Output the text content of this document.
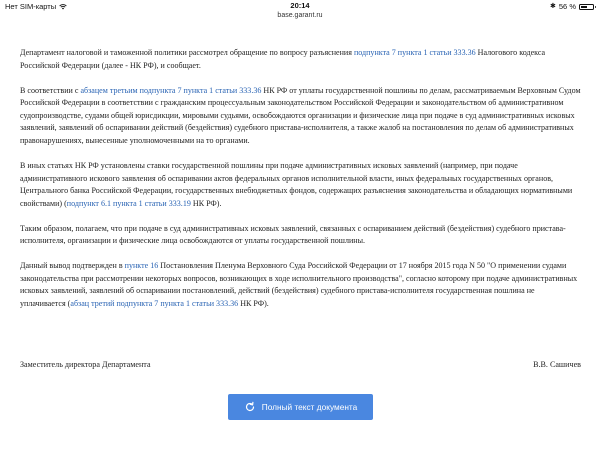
Нет SIM-карты	20:14	✱ 56 %
base.garant.ru

Департамент налоговой и таможенной политики рассмотрел обращение по вопросу разъяснения подпункта 7 пункта 1 статьи 333.36 Налогового кодекса Российской Федерации (далее - НК РФ), и сообщает.

В соответствии с абзацем третьим подпункта 7 пункта 1 статьи 333.36 НК РФ от уплаты государственной пошлины по делам, рассматриваемым Верховным Судом Российской Федерации в соответствии с гражданским процессуальным законодательством Российской Федерации и законодательством об административном судопроизводстве, судами общей юрисдикции, мировыми судьями, освобождаются организации и физические лица при подаче в суд административных исковых заявлений, заявлений об оспаривании действий (бездействия) судебного пристава-исполнителя, а также жалоб на постановления по делам об административных правонарушениях, вынесенные уполномоченными на то органами.

В иных статьях НК РФ установлены ставки государственной пошлины при подаче административных исковых заявлений (например, при подаче административного искового заявления об оспаривании актов федеральных органов исполнительной власти, иных федеральных государственных органов, Центрального банка Российской Федерации, государственных внебюджетных фондов, содержащих разъяснения законодательства и обладающих нормативными свойствами) (подпункт 6.1 пункта 1 статьи 333.19 НК РФ).

Таким образом, полагаем, что при подаче в суд административных исковых заявлений, связанных с оспариванием действий (бездействия) судебного пристава-исполнителя, организации и физические лица освобождаются от уплаты государственной пошлины.

Данный вывод подтвержден в пункте 16 Постановления Пленума Верховного Суда Российской Федерации от 17 ноября 2015 года N 50 "О применении судами законодательства при рассмотрении некоторых вопросов, возникающих в ходе исполнительного производства", согласно которому при подаче административных исковых заявлений, заявлений об оспаривании постановлений, действий (бездействия) судебного пристава-исполнителя государственная пошлина не уплачивается (абзац третий подпункта 7 пункта 1 статьи 333.36 НК РФ).

Заместитель директора Департамента	В.В. Сашичев
Полный текст документа
